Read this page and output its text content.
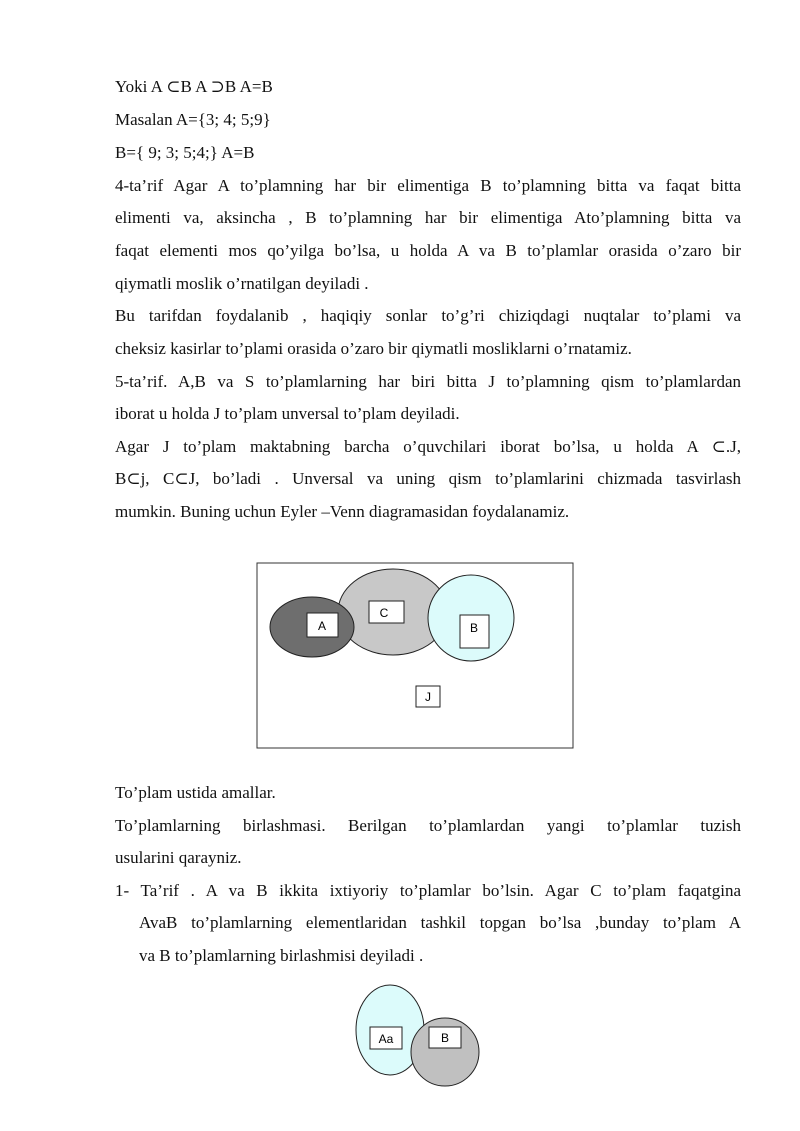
Yoki A ⊂B A ⊃B A=B
Masalan A={3; 4; 5;9}
B={ 9; 3; 5;4;} A=B
4-ta’rif Agar A to’plamning har bir elimentiga B to’plamning bitta va faqat bitta
elimenti va, aksincha , B to’plamning har bir elimentiga Ato’plamning bitta va
faqat elementi mos qo’yilga bo’lsa, u holda A va B to’plamlar orasida o’zaro bir
qiymatli moslik o’rnatilgan deyiladi .
Bu tarifdan foydalanib , haqiqiy sonlar to’g’ri chiziqdagi nuqtalar to’plami va
cheksiz kasirlar to’plami orasida o’zaro bir qiymatli mosliklarni o’rnatamiz.
5-ta’rif. A,B va S to’plamlarning har biri bitta J to’plamning qism to’plamlardan
iborat u holda J to’plam unversal to’plam deyiladi.
Agar J to’plam maktabning barcha o’quvchilari iborat bo’lsa, u holda A ⊂.J,
B⊂j, C⊂J, bo’ladi . Unversal va uning qism to’plamlarini chizmada tasvirlash
mumkin. Buning uchun Eyler –Venn diagramasidan foydalanamiz.
A
C
B
J
To’plam ustida amallar.
To’plamlarning birlashmasi. Berilgan to’plamlardan yangi to’plamlar tuzish
usularini qarayniz.
1- Ta’rif . A va B ikkita ixtiyoriy to’plamlar bo’lsin. Agar C to’plam faqatgina
AvaB to’plamlarning elementlaridan tashkil topgan bo’lsa ,bunday to’plam A
va B to’plamlarning birlashmisi deyiladi .
Aa	B
